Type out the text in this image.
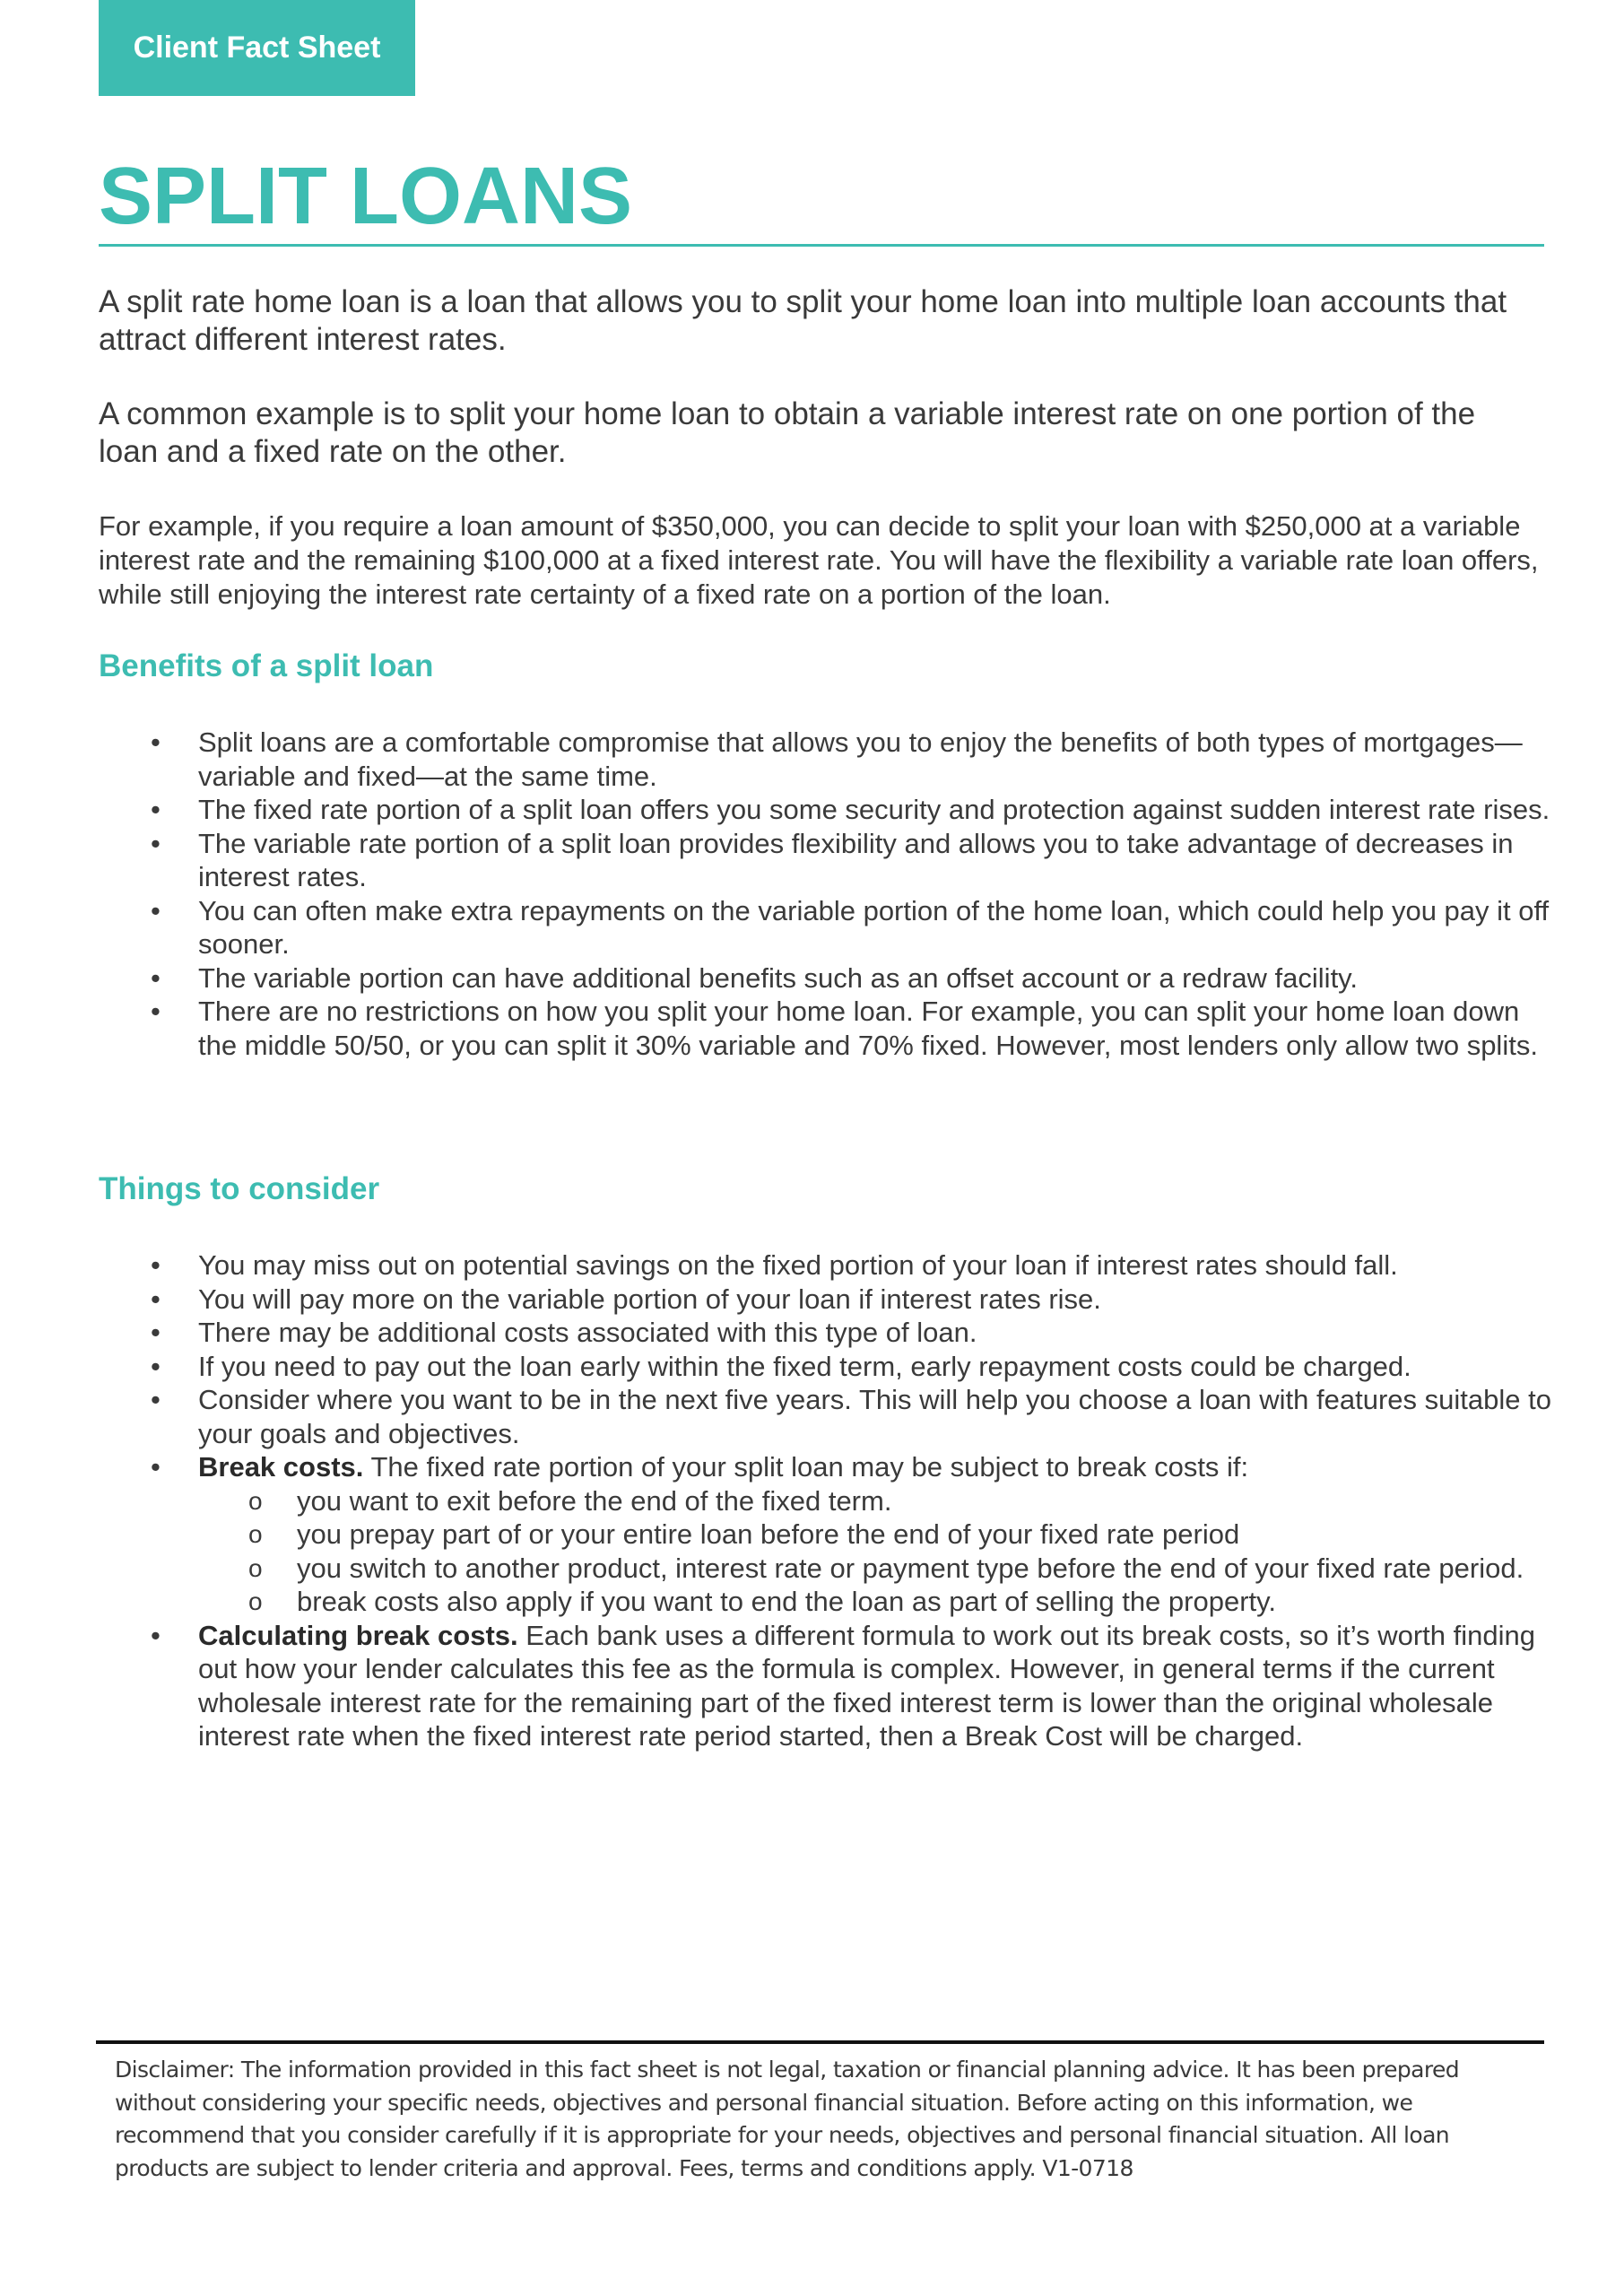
Client Fact Sheet
SPLIT LOANS

A split rate home loan is a loan that allows you to split your home loan into multiple loan accounts that attract different interest rates.

A common example is to split your home loan to obtain a variable interest rate on one portion of the loan and a fixed rate on the other.

For example, if you require a loan amount of $350,000, you can decide to split your loan with $250,000 at a variable interest rate and the remaining $100,000 at a fixed interest rate. You will have the flexibility a variable rate loan offers, while still enjoying the interest rate certainty of a fixed rate on a portion of the loan.

Benefits of a split loan
• Split loans are a comfortable compromise that allows you to enjoy the benefits of both types of mortgages—variable and fixed—at the same time.
• The fixed rate portion of a split loan offers you some security and protection against sudden interest rate rises.
• The variable rate portion of a split loan provides flexibility and allows you to take advantage of decreases in interest rates.
• You can often make extra repayments on the variable portion of the home loan, which could help you pay it off sooner.
• The variable portion can have additional benefits such as an offset account or a redraw facility.
• There are no restrictions on how you split your home loan. For example, you can split your home loan down the middle 50/50, or you can split it 30% variable and 70% fixed. However, most lenders only allow two splits.
Things to consider
• You may miss out on potential savings on the fixed portion of your loan if interest rates should fall.
• You will pay more on the variable portion of your loan if interest rates rise.
• There may be additional costs associated with this type of loan.
• If you need to pay out the loan early within the fixed term, early repayment costs could be charged.
• Consider where you want to be in the next five years. This will help you choose a loan with features suitable to your goals and objectives.
• Break costs. The fixed rate portion of your split loan may be subject to break costs if:
o you want to exit before the end of the fixed term.
o you prepay part of or your entire loan before the end of your fixed rate period
o you switch to another product, interest rate or payment type before the end of your fixed rate period.
o break costs also apply if you want to end the loan as part of selling the property.
• Calculating break costs. Each bank uses a different formula to work out its break costs, so it’s worth finding out how your lender calculates this fee as the formula is complex. However, in general terms if the current wholesale interest rate for the remaining part of the fixed interest term is lower than the original wholesale interest rate when the fixed interest rate period started, then a Break Cost will be charged.

Disclaimer: The information provided in this fact sheet is not legal, taxation or financial planning advice. It has been prepared without considering your specific needs, objectives and personal financial situation. Before acting on this information, we recommend that you consider carefully if it is appropriate for your needs, objectives and personal financial situation. All loan products are subject to lender criteria and approval. Fees, terms and conditions apply. V1-0718
